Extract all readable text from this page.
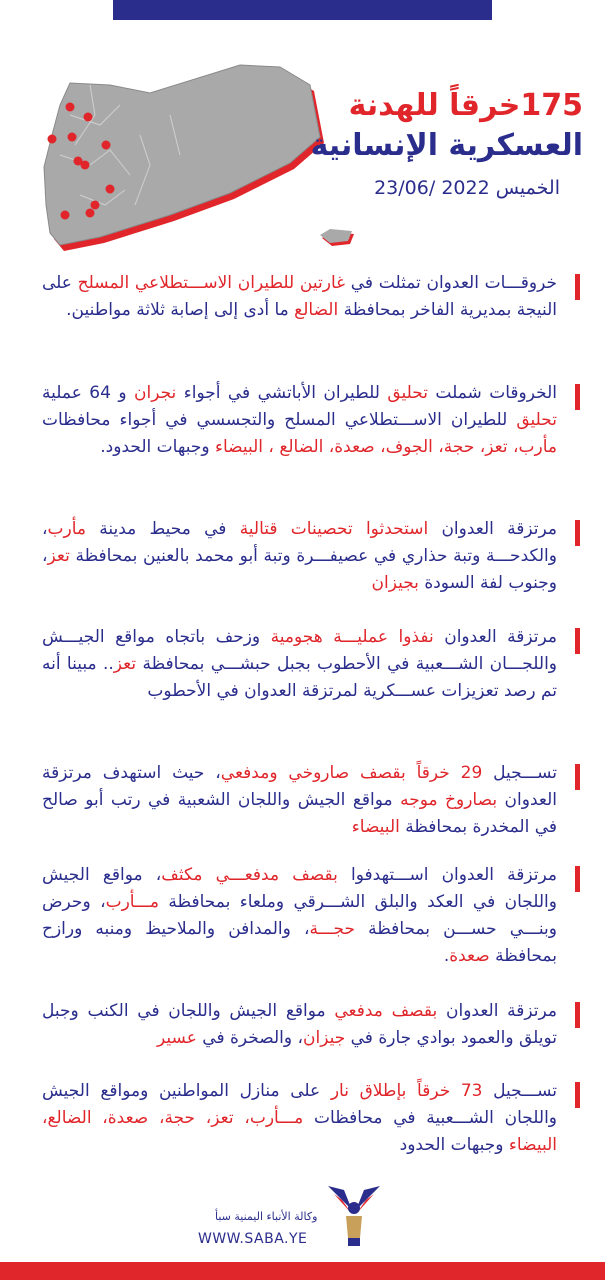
175خرقاً للهدنة
العسكرية الإنسانية
الخميس 2022 /23/06
خروقـــات العدوان تمثلت في غارتين للطيران الاســـتطلاعي المسلح على النيجة بمديرية الفاخر بمحافظة الضالع ما أدى إلى إصابة ثلاثة مواطنين.
الخروقات شملت تحليق للطيران الأباتشي في أجواء نجران و 64 عملية تحليق للطيران الاســـتطلاعي المسلح والتجسسي في أجواء محافظات مأرب، تعز، حجة، الجوف، صعدة، الضالع ، البيضاء وجبهات الحدود.
مرتزقة العدوان استحدثوا تحصينات قتالية في محيط مدينة مأرب، والكدحـــة وتبة حذاري في عصيفـــرة وتبة أبو محمد بالعنين بمحافظة تعز، وجنوب لفة السودة بجيزان
مرتزقة العدوان نفذوا عمليـــة هجومية وزحف باتجاه مواقع الجيـــش واللجـــان الشـــعبية في الأحطوب بجبل حبشـــي بمحافظة تعز.. مبينا أنه تم رصد تعزيزات عســـكرية لمرتزقة العدوان في الأحطوب
تســـجيل 29 خرقاً بقصف صاروخي ومدفعي، حيث استهدف مرتزقة العدوان بصاروخ موجه مواقع الجيش واللجان الشعبية في رتب أبو صالح في المخدرة بمحافظة البيضاء
مرتزقة العدوان اســـتهدفوا بقصف مدفعـــي مكثف، مواقع الجيش واللجان في العكد والبلق الشـــرقي وملعاء بمحافظة مـــأرب، وحرض وبنـــي حســـن بمحافظة حجـــة، والمدافن والملاحيظ ومنبه ورازح بمحافظة صعدة.
مرتزقة العدوان بقصف مدفعي مواقع الجيش واللجان في الكنب وجبل تويلق والعمود بوادي جارة في جيزان، والصخرة في عسير
تســـجيل 73 خرقاً بإطلاق نار على منازل المواطنين ومواقع الجيش واللجان الشـــعبية في محافظات مـــأرب، تعز، حجة، صعدة، الضالع، البيضاء وجبهات الحدود
وكالة الأنباء اليمنية سبأ
WWW.SABA.YE
